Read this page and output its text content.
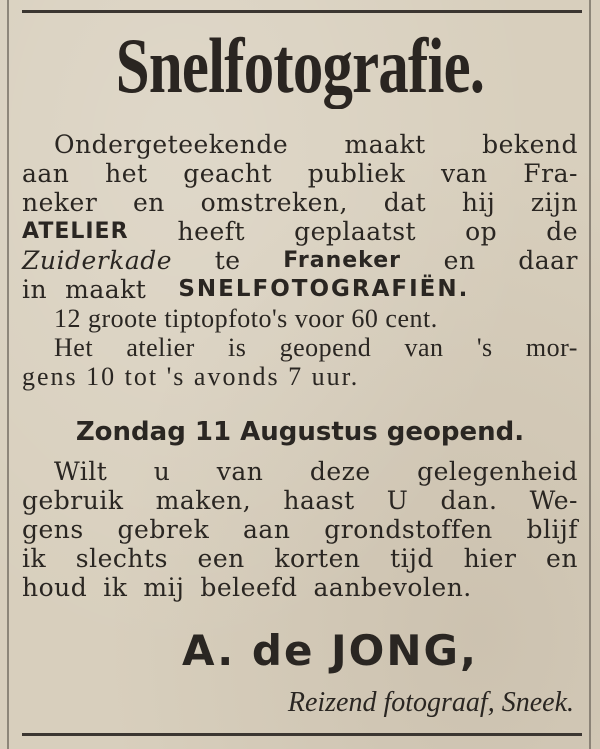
Snelfotografie.
Ondergeteekende maakt bekend
aan het geacht publiek van Fra-
neker en omstreken, dat hij zijn
ATELIER heeft geplaatst op de
Zuiderkade te Franeker en daar
in maakt SNELFOTOGRAFIËN.
12 groote tiptopfoto's voor 60 cent.
Het atelier is geopend van 's mor-
gens 10 tot 's avonds 7 uur.
Zondag 11 Augustus geopend.
Wilt u van deze gelegenheid
gebruik maken, haast U dan. We-
gens gebrek aan grondstoffen blijf
ik slechts een korten tijd hier en
houd ik mij beleefd aanbevolen.
A. de JONG,
Reizend fotograaf, Sneek.
